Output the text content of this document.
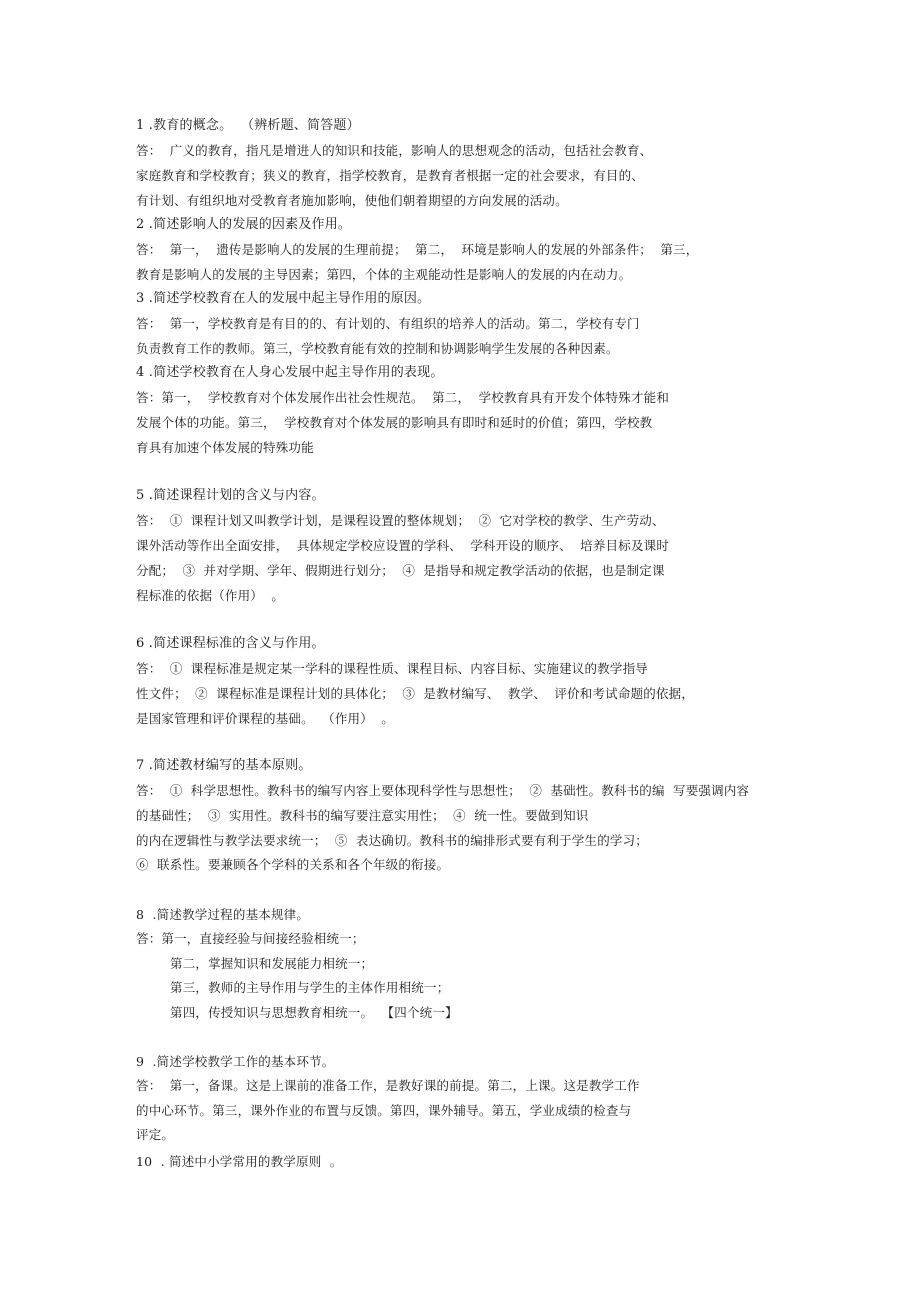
1 .教育的概念。  （辨析题、简答题）
答：  广义的教育，指凡是增进人的知识和技能，影响人的思想观念的活动，包括社会教育、
家庭教育和学校教育；狭义的教育，指学校教育，是教育者根据一定的社会要求，有目的、
有计划、有组织地对受教育者施加影响，使他们朝着期望的方向发展的活动。
2 .简述影响人的发展的因素及作用。
答：  第一，  遗传是影响人的发展的生理前提；  第二，  环境是影响人的发展的外部条件；  第三，
教育是影响人的发展的主导因素；第四，个体的主观能动性是影响人的发展的内在动力。
3 .简述学校教育在人的发展中起主导作用的原因。
答：  第一，学校教育是有目的的、有计划的、有组织的培养人的活动。第二，学校有专门
负责教育工作的教师。第三，学校教育能有效的控制和协调影响学生发展的各种因素。
4 .简述学校教育在人身心发展中起主导作用的表现。
答：第一，  学校教育对个体发展作出社会性规范。  第二，  学校教育具有开发个体特殊才能和
发展个体的功能。第三，  学校教育对个体发展的影响具有即时和延时的价值；第四，学校教
育具有加速个体发展的特殊功能
5 .简述课程计划的含义与内容。
答：  ①  课程计划又叫教学计划，是课程设置的整体规划；  ②  它对学校的教学、生产劳动、
课外活动等作出全面安排，  具体规定学校应设置的学科、  学科开设的顺序、  培养目标及课时
分配；  ③  并对学期、学年、假期进行划分；  ④  是指导和规定教学活动的依据，也是制定课
程标准的依据（作用）  。
6 .简述课程标准的含义与作用。
答：  ①  课程标准是规定某一学科的课程性质、课程目标、内容目标、实施建议的教学指导
性文件；  ②  课程标准是课程计划的具体化；  ③  是教材编写、  教学、  评价和考试命题的依据，
是国家管理和评价课程的基础。  （作用）  。
7 .简述教材编写的基本原则。
答：  ①  科学思想性。教科书的编写内容上要体现科学性与思想性；  ②  基础性。教科书的编  写要强调内容
的基础性；  ③  实用性。教科书的编写要注意实用性；  ④  统一性。要做到知识
的内在逻辑性与教学法要求统一；  ⑤  表达确切。教科书的编排形式要有利于学生的学习；
⑥  联系性。要兼顾各个学科的关系和各个年级的衔接。
8  .简述教学过程的基本规律。
答：第一，直接经验与间接经验相统一；
第二，掌握知识和发展能力相统一；
第三，教师的主导作用与学生的主体作用相统一；
第四，传授知识与思想教育相统一。  【四个统一】
9  .简述学校教学工作的基本环节。
答：  第一，备课。这是上课前的准备工作，是教好课的前提。第二，上课。这是教学工作
的中心环节。第三，课外作业的布置与反馈。第四，课外辅导。第五，学业成绩的检查与
评定。
10  . 简述中小学常用的教学原则  。
